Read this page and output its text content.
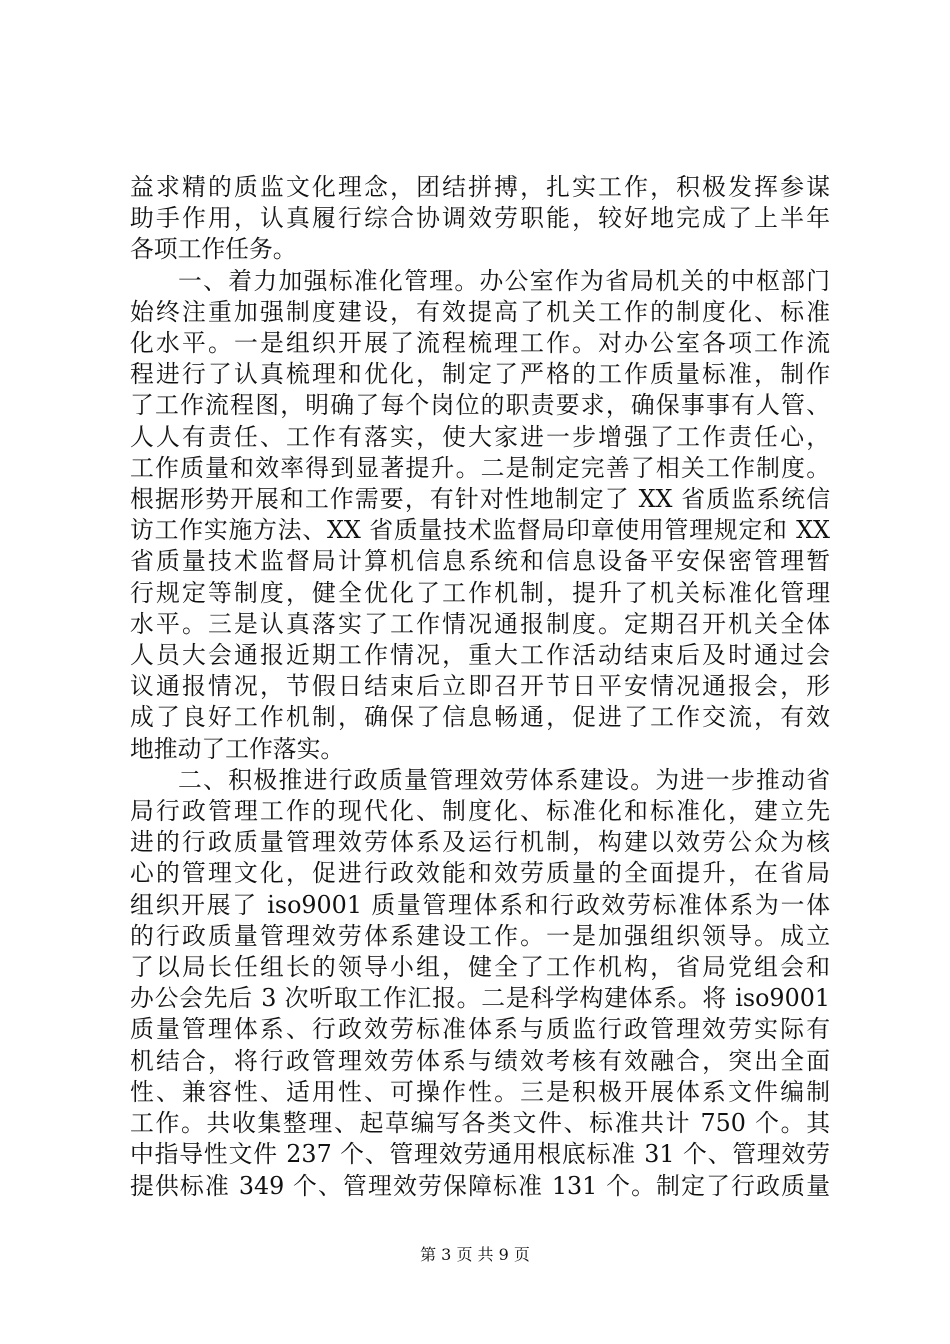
益求精的质监文化理念，团结拼搏，扎实工作，积极发挥参谋
助手作用，认真履行综合协调效劳职能，较好地完成了上半年
各项工作任务。
一、着力加强标准化管理。办公室作为省局机关的中枢部门
始终注重加强制度建设，有效提高了机关工作的制度化、标准
化水平。一是组织开展了流程梳理工作。对办公室各项工作流
程进行了认真梳理和优化，制定了严格的工作质量标准，制作
了工作流程图，明确了每个岗位的职责要求，确保事事有人管、
人人有责任、工作有落实，使大家进一步增强了工作责任心，
工作质量和效率得到显著提升。二是制定完善了相关工作制度。
根据形势开展和工作需要，有针对性地制定了 XX 省质监系统信
访工作实施方法、XX 省质量技术监督局印章使用管理规定和 XX
省质量技术监督局计算机信息系统和信息设备平安保密管理暂
行规定等制度，健全优化了工作机制，提升了机关标准化管理
水平。三是认真落实了工作情况通报制度。定期召开机关全体
人员大会通报近期工作情况，重大工作活动结束后及时通过会
议通报情况，节假日结束后立即召开节日平安情况通报会，形
成了良好工作机制，确保了信息畅通，促进了工作交流，有效
地推动了工作落实。
二、积极推进行政质量管理效劳体系建设。为进一步推动省
局行政管理工作的现代化、制度化、标准化和标准化，建立先
进的行政质量管理效劳体系及运行机制，构建以效劳公众为核
心的管理文化，促进行政效能和效劳质量的全面提升，在省局
组织开展了 iso9001 质量管理体系和行政效劳标准体系为一体
的行政质量管理效劳体系建设工作。一是加强组织领导。成立
了以局长任组长的领导小组，健全了工作机构，省局党组会和
办公会先后 3 次听取工作汇报。二是科学构建体系。将 iso9001
质量管理体系、行政效劳标准体系与质监行政管理效劳实际有
机结合，将行政管理效劳体系与绩效考核有效融合，突出全面
性、兼容性、适用性、可操作性。三是积极开展体系文件编制
工作。共收集整理、起草编写各类文件、标准共计 750 个。其
中指导性文件 237 个、管理效劳通用根底标准 31 个、管理效劳
提供标准 349 个、管理效劳保障标准 131 个。制定了行政质量
第 3 页 共 9 页
